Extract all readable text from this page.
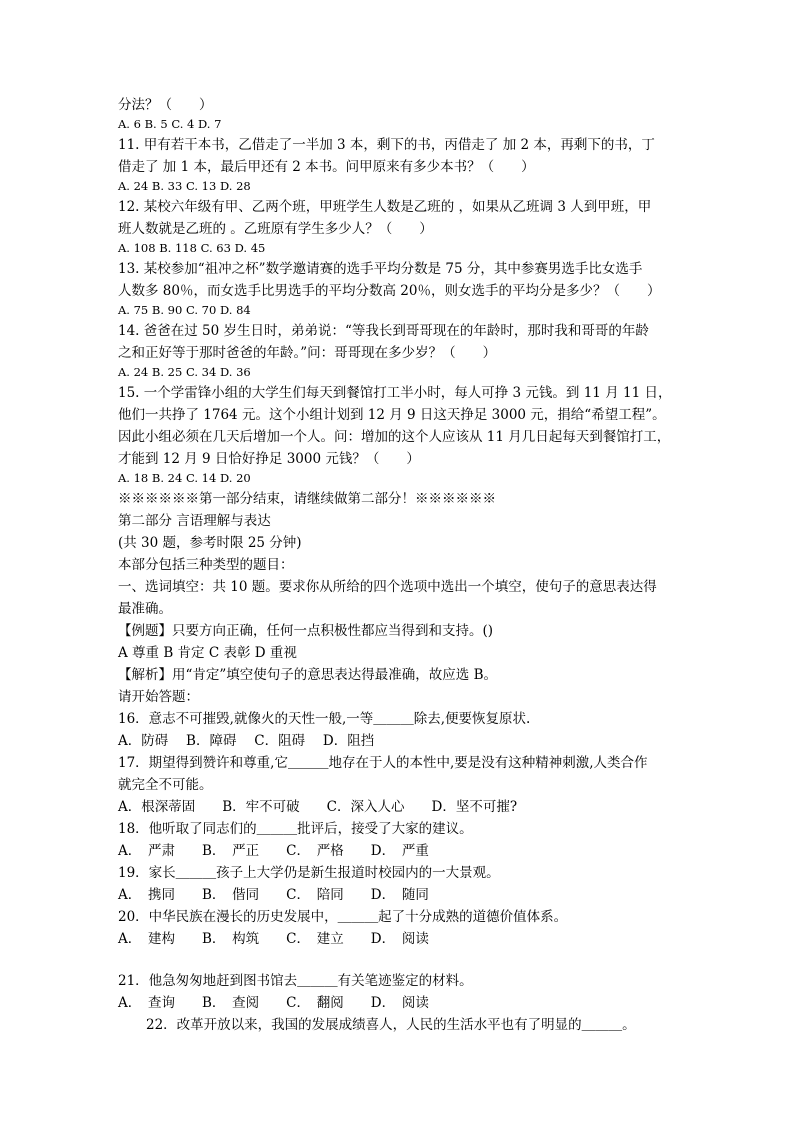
分法？（　　）
A. 6 B. 5 C. 4 D. 7
11. 甲有若干本书，乙借走了一半加 3 本，剩下的书，丙借走了 加 2 本，再剩下的书，丁
借走了 加 1 本，最后甲还有 2 本书。问甲原来有多少本书？（　　）
A. 24 B. 33 C. 13 D. 28
12. 某校六年级有甲、乙两个班，甲班学生人数是乙班的 ，如果从乙班调 3 人到甲班，甲
班人数就是乙班的 。乙班原有学生多少人？（　　）
A. 108 B. 118 C. 63 D. 45
13. 某校参加“祖冲之杯”数学邀请赛的选手平均分数是 75 分，其中参赛男选手比女选手
人数多 80％，而女选手比男选手的平均分数高 20％，则女选手的平均分是多少？（　　）
A. 75 B. 90 C. 70 D. 84
14. 爸爸在过 50 岁生日时，弟弟说：“等我长到哥哥现在的年龄时，那时我和哥哥的年龄
之和正好等于那时爸爸的年龄。”问：哥哥现在多少岁？（　　）
A. 24 B. 25 C. 34 D. 36
15. 一个学雷锋小组的大学生们每天到餐馆打工半小时，每人可挣 3 元钱。到 11 月 11 日，
他们一共挣了 1764 元。这个小组计划到 12 月 9 日这天挣足 3000 元，捐给“希望工程”。
因此小组必须在几天后增加一个人。问：增加的这个人应该从 11 月几日起每天到餐馆打工，
才能到 12 月 9 日恰好挣足 3000 元钱？（　　）
A. 18 B. 24 C. 14 D. 20
※※※※※※第一部分结束，请继续做第二部分！※※※※※※
第二部分 言语理解与表达
(共 30 题，参考时限 25 分钟)
本部分包括三种类型的题目：
一、选词填空：共 10 题。要求你从所给的四个选项中选出一个填空，使句子的意思表达得
最准确。
【例题】只要方向正确，任何一点积极性都应当得到和支持。()
A 尊重 B 肯定 C 表彰 D 重视
【解析】用“肯定”填空使句子的意思表达得最准确，故应选 B。
请开始答题：
16．意志不可摧毁,就像火的天性一般,一等＿＿＿除去,便要恢复原状.
A．防碍　 B．障碍　 C．阻碍　 D．阻挡
17．期望得到赞许和尊重,它＿＿＿地存在于人的本性中,要是没有这种精神刺激,人类合作
就完全不可能。
A．根深蒂固　　B．牢不可破　　C．深入人心　　D．坚不可摧?
18．他听取了同志们的＿＿＿批评后，接受了大家的建议。
A．　严肃　　B．　严正　　C．　严格　　D．　严重
19．家长＿＿＿孩子上大学仍是新生报道时校园内的一大景观。
A．　携同　　B．　偕同　　C．　陪同　　D．　随同
20．中华民族在漫长的历史发展中，＿＿＿起了十分成熟的道德价值体系。
A．　建构　　B．　构筑　　C．　建立　　D．　阅读
21．他急匆匆地赶到图书馆去＿＿＿有关笔迹鉴定的材料。
A．　查询　　B．　查阅　　C．　翻阅　　D．　阅读
22．改革开放以来，我国的发展成绩喜人，人民的生活水平也有了明显的＿＿＿。
